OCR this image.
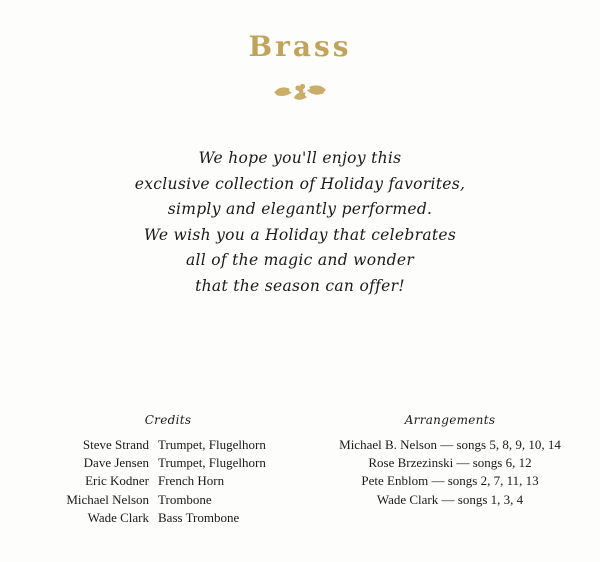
Brass
We hope you'll enjoy this
exclusive collection of Holiday favorites,
simply and elegantly performed.
We wish you a Holiday that celebrates
all of the magic and wonder
that the season can offer!
Credits	Arrangements
Steve Strand Trumpet, Flugelhorn
Dave Jensen Trumpet, Flugelhorn
Eric Kodner French Horn
Michael Nelson Trombone
Wade Clark Bass Trombone
Michael B. Nelson — songs 5, 8, 9, 10, 14
Rose Brzezinski — songs 6, 12
Pete Enblom — songs 2, 7, 11, 13
Wade Clark — songs 1, 3, 4
